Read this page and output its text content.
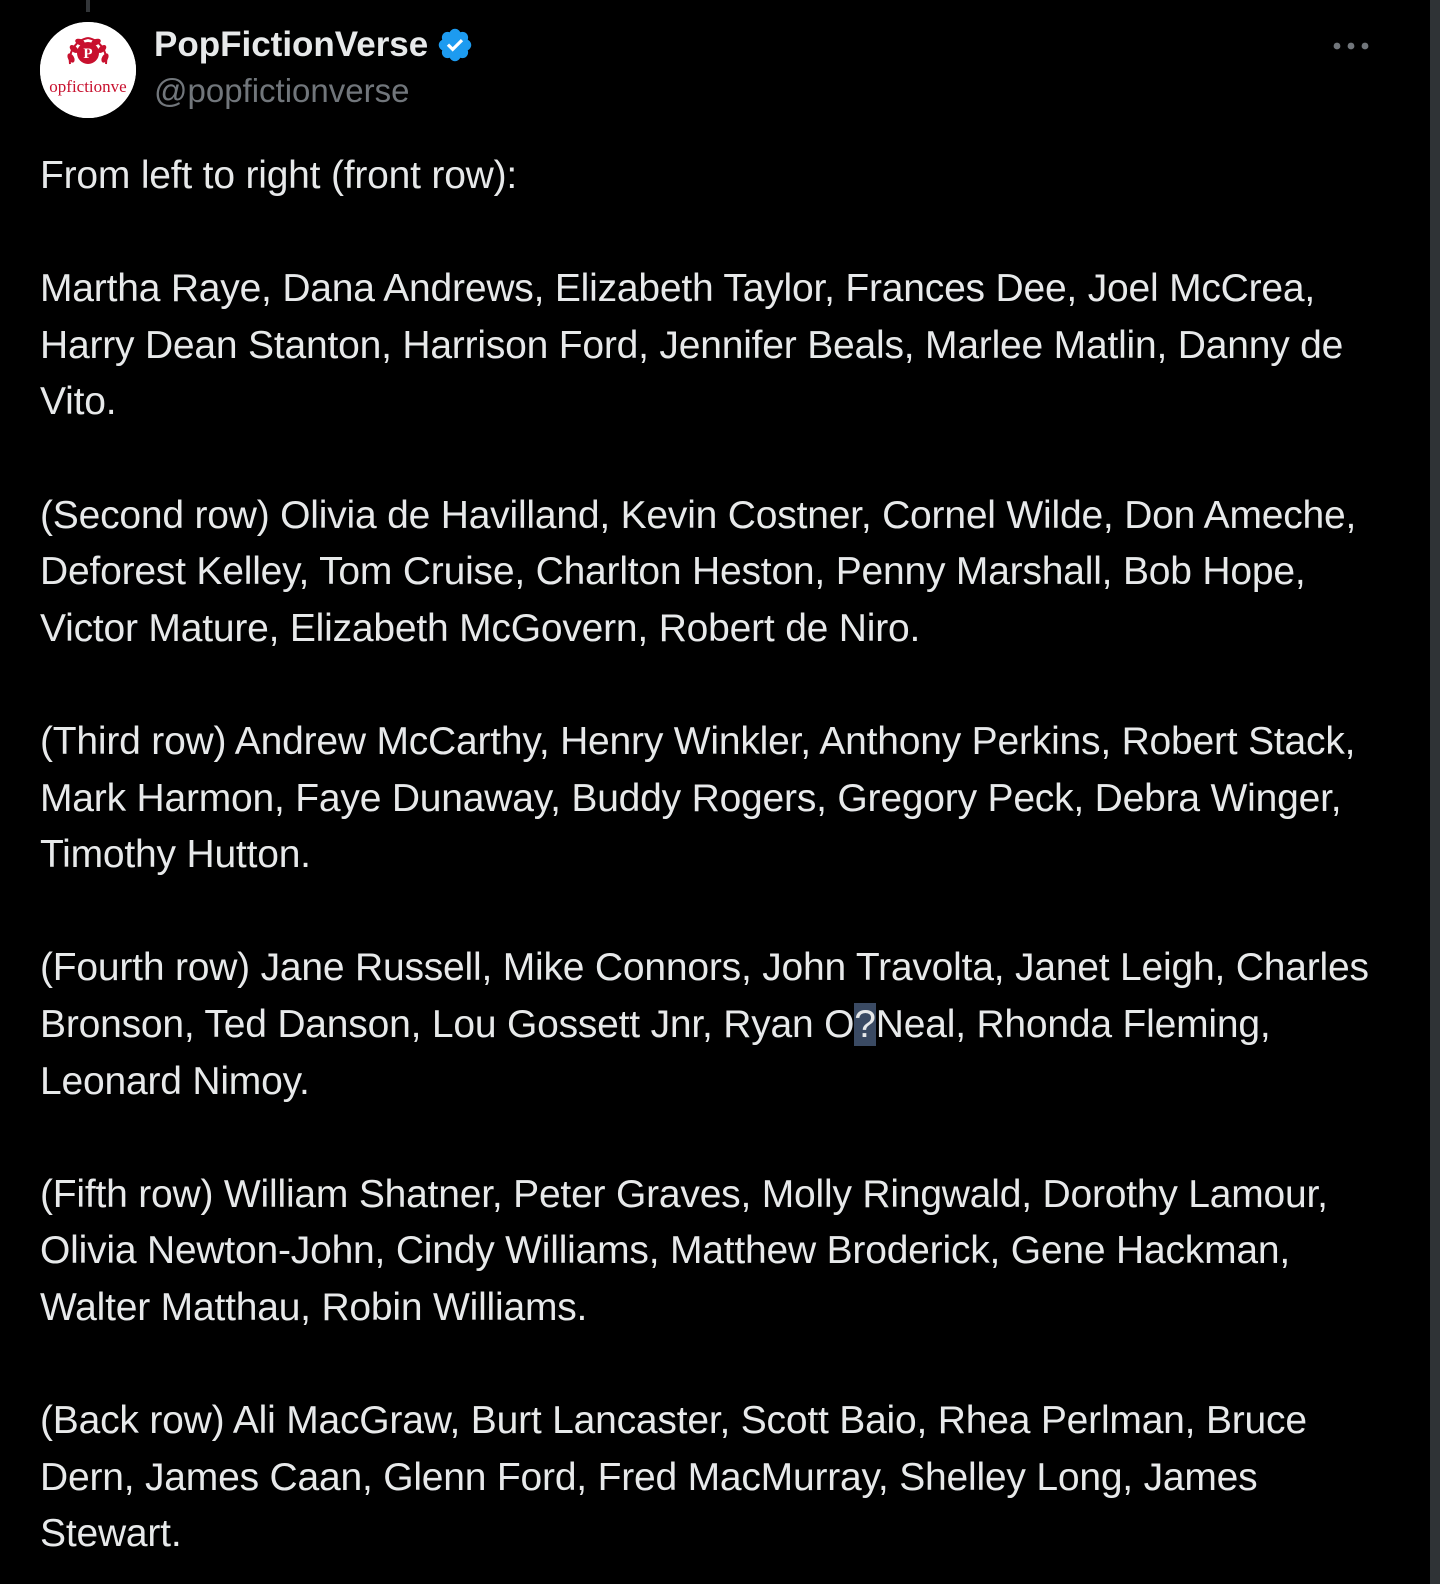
P
opfictionve
PopFictionVerse
@popfictionverse

From left to right (front row):

Martha Raye, Dana Andrews, Elizabeth Taylor, Frances Dee, Joel McCrea, Harry Dean Stanton, Harrison Ford, Jennifer Beals, Marlee Matlin, Danny de Vito.

(Second row) Olivia de Havilland, Kevin Costner, Cornel Wilde, Don Ameche, Deforest Kelley, Tom Cruise, Charlton Heston, Penny Marshall, Bob Hope, Victor Mature, Elizabeth McGovern, Robert de Niro.

(Third row) Andrew McCarthy, Henry Winkler, Anthony Perkins, Robert Stack, Mark Harmon, Faye Dunaway, Buddy Rogers, Gregory Peck, Debra Winger, Timothy Hutton.

(Fourth row) Jane Russell, Mike Connors, John Travolta, Janet Leigh, Charles Bronson, Ted Danson, Lou Gossett Jnr, Ryan O?Neal, Rhonda Fleming, Leonard Nimoy.

(Fifth row) William Shatner, Peter Graves, Molly Ringwald, Dorothy Lamour, Olivia Newton-John, Cindy Williams, Matthew Broderick, Gene Hackman, Walter Matthau, Robin Williams.

(Back row) Ali MacGraw, Burt Lancaster, Scott Baio, Rhea Perlman, Bruce Dern, James Caan, Glenn Ford, Fred MacMurray, Shelley Long, James Stewart.
